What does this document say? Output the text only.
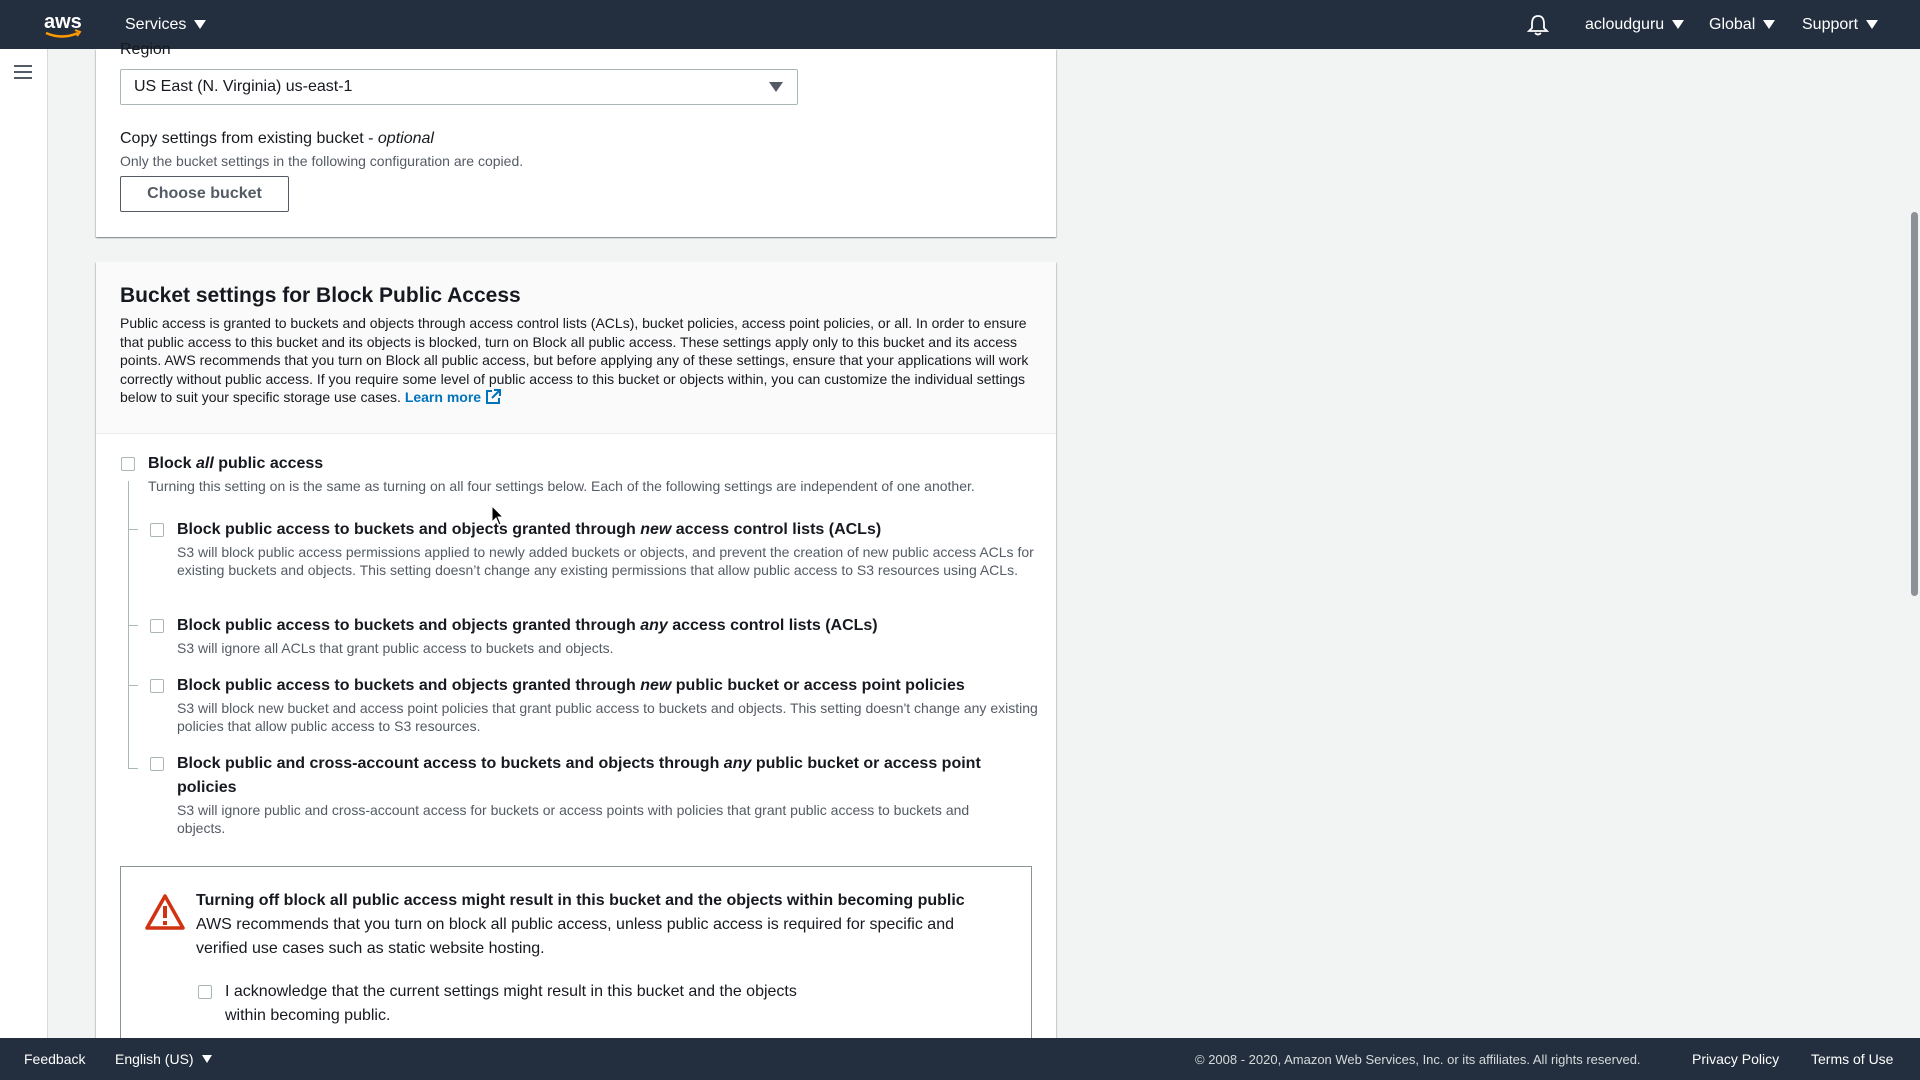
aws	Services	acloudguru	Global	Support
Region
US East (N. Virginia) us-east-1
Copy settings from existing bucket - optional
Only the bucket settings in the following configuration are copied.
Choose bucket
Bucket settings for Block Public Access
Public access is granted to buckets and objects through access control lists (ACLs), bucket policies, access point policies, or all. In order to ensure that public access to this bucket and its objects is blocked, turn on Block all public access. These settings apply only to this bucket and its access points. AWS recommends that you turn on Block all public access, but before applying any of these settings, ensure that your applications will work correctly without public access. If you require some level of public access to this bucket or objects within, you can customize the individual settings below to suit your specific storage use cases. Learn more
Block all public access
Turning this setting on is the same as turning on all four settings below. Each of the following settings are independent of one another.
Block public access to buckets and objects granted through new access control lists (ACLs)
S3 will block public access permissions applied to newly added buckets or objects, and prevent the creation of new public access ACLs for existing buckets and objects. This setting doesn’t change any existing permissions that allow public access to S3 resources using ACLs.
Block public access to buckets and objects granted through any access control lists (ACLs)
S3 will ignore all ACLs that grant public access to buckets and objects.
Block public access to buckets and objects granted through new public bucket or access point policies
S3 will block new bucket and access point policies that grant public access to buckets and objects. This setting doesn't change any existing policies that allow public access to S3 resources.
Block public and cross-account access to buckets and objects through any public bucket or access point policies
S3 will ignore public and cross-account access for buckets or access points with policies that grant public access to buckets and objects.
Turning off block all public access might result in this bucket and the objects within becoming public
AWS recommends that you turn on block all public access, unless public access is required for specific and verified use cases such as static website hosting.
I acknowledge that the current settings might result in this bucket and the objects within becoming public.
Feedback English (US)	© 2008 - 2020, Amazon Web Services, Inc. or its affiliates. All rights reserved.	Privacy Policy Terms of Use
